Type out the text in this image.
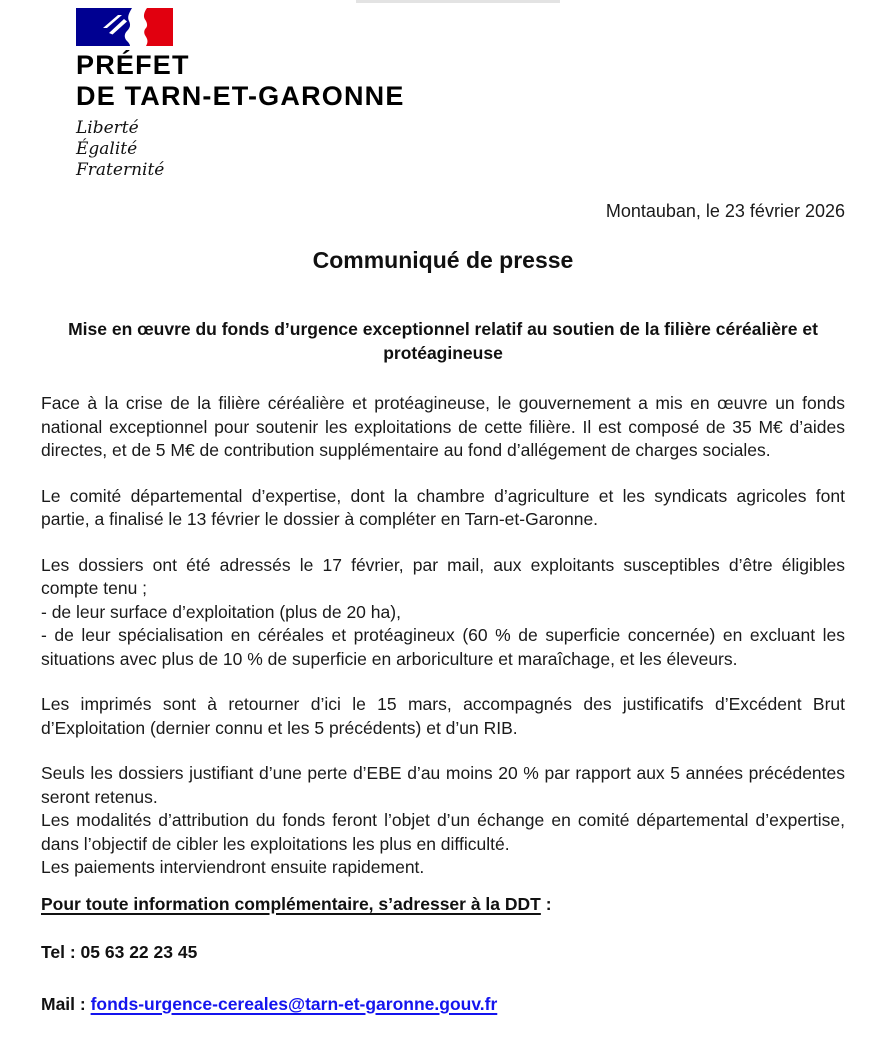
PRÉFET
DE TARN-ET-GARONNE
Liberté
Égalité
Fraternité
Montauban, le 23 février 2026
Communiqué de presse
Mise en œuvre du fonds d’urgence exceptionnel relatif au soutien de la filière céréalière et protéagineuse
Face à la crise de la filière céréalière et protéagineuse, le gouvernement a mis en œuvre un fonds national exceptionnel pour soutenir les exploitations de cette filière. Il est composé de 35 M€ d’aides directes, et de 5 M€ de contribution supplémentaire au fond d’allégement de charges sociales.
Le comité départemental d’expertise, dont la chambre d’agriculture et les syndicats agricoles font partie, a finalisé le 13 février le dossier à compléter en Tarn-et-Garonne.
Les dossiers ont été adressés le 17 février, par mail, aux exploitants susceptibles d’être éligibles compte tenu ;
- de leur surface d’exploitation (plus de 20 ha),
- de leur spécialisation en céréales et protéagineux (60 % de superficie concernée) en excluant les situations avec plus de 10 % de superficie en arboriculture et maraîchage, et les éleveurs.
Les imprimés sont à retourner d’ici le 15 mars, accompagnés des justificatifs d’Excédent Brut d’Exploitation (dernier connu et les 5 précédents) et d’un RIB.
Seuls les dossiers justifiant d’une perte d’EBE d’au moins 20 % par rapport aux 5 années précédentes seront retenus.
Les modalités d’attribution du fonds feront l’objet d’un échange en comité départemental d’expertise, dans l’objectif de cibler les exploitations les plus en difficulté.
Les paiements interviendront ensuite rapidement.
Pour toute information complémentaire, s’adresser à la DDT :
Tel : 05 63 22 23 45
Mail : fonds-urgence-cereales@tarn-et-garonne.gouv.fr
